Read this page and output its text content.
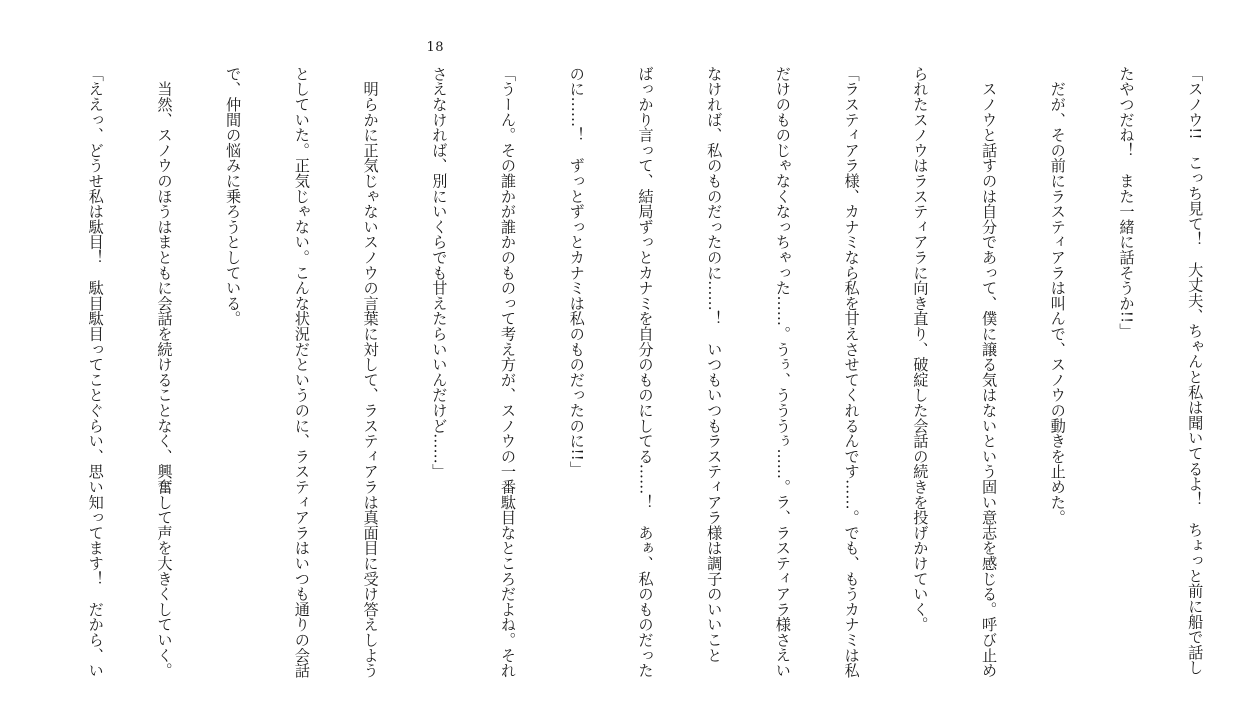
18

「スノウ!!　こっち見て！　大丈夫、ちゃんと私は聞いてるよ！　ちょっと前に船で話し

たやつだね！　また一緒に話そうか!!」

　だが、その前にラスティアラは叫んで、スノウの動きを止めた。

　スノウと話すのは自分であって、僕に譲る気はないという固い意志を感じる。呼び止め

られたスノウはラスティアラに向き直り、破綻した会話の続きを投げかけていく。

「ラスティアラ様、カナミなら私を甘えさせてくれるんです……。でも、もうカナミは私

だけのものじゃなくなっちゃった……。うぅ、うううぅ……。ラ、ラスティアラ様さえい

なければ、私のものだったのに……！　いつもいつもラスティアラ様は調子のいいこと

ばっかり言って、結局ずっとカナミを自分のものにしてる……！　あぁ、私のものだった

のに……！　ずっとずっとカナミは私のものだったのに!!」

「うーん。その誰かが誰かのものって考え方が、スノウの一番駄目なところだよね。それ

さえなければ、別にいくらでも甘えたらいいんだけど……」

　明らかに正気じゃないスノウの言葉に対して、ラスティアラは真面目に受け答えしよう

としていた。正気じゃない。こんな状況だというのに、ラスティアラはいつも通りの会話

で、仲間の悩みに乗ろうとしている。

　当然、スノウのほうはまともに会話を続けることなく、興奮して声を大きくしていく。

「ええっ、どうせ私は駄目！　駄目駄目ってことぐらい、思い知ってます！　だから、い
